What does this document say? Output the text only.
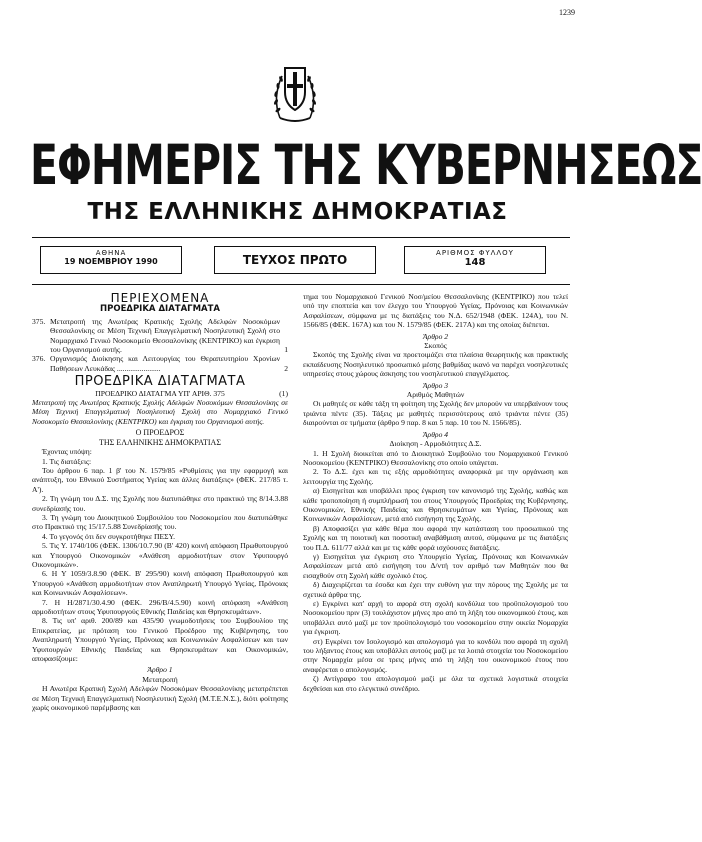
1239
ΕΦΗΜΕΡΙΣ ΤΗΣ ΚΥΒΕΡΝΗΣΕΩΣ
ΤΗΣ ΕΛΛΗΝΙΚΗΣ ΔΗΜΟΚΡΑΤΙΑΣ
ΑΘΗΝΑ
19 ΝΟΕΜΒΡΙΟΥ 1990	ΤΕΥΧΟΣ ΠΡΩΤΟ	ΑΡΙΘΜΟΣ ΦΥΛΛΟΥ
148
ΠΕΡΙΕΧΟΜΕΝΑ
ΠΡΟΕΔΡΙΚΑ ΔΙΑΤΑΓΜΑΤΑ
375. Μετατροπή της Ανωτέρας Κρατικής Σχολής Αδελφών Νοσοκόμων Θεσσαλονίκης σε Μέση Τεχνική Επαγγελματική Νοσηλευτική Σχολή στο Νομαρχιακό Γενικό Νοσοκομείο Θεσσαλονίκης (ΚΕΝΤΡΙΚΟ) και έγκριση του Οργανισμού αυτής.	1
376. Οργανισμός Διοίκησης και Λειτουργίας του Θεραπευτηρίου Χρονίων Παθήσεων Λευκάδας .......................	2
ΠΡΟΕΔΡΙΚΑ ΔΙΑΤΑΓΜΑΤΑ
ΠΡΟΕΔΡΙΚΟ ΔΙΑΤΑΓΜΑ ΥΠ' ΑΡΙΘ. 375	(1)
Μετατροπή της Ανωτέρας Κρατικής Σχολής Αδελφών Νοσοκόμων Θεσσαλονίκης σε Μέση Τεχνική Επαγγελματική Νοσηλευτική Σχολή στο Νομαρχιακό Γενικό Νοσοκομείο Θεσσαλονίκης (ΚΕΝΤΡΙΚΟ) και έγκριση του Οργανισμού αυτής.
Ο ΠΡΟΕΔΡΟΣ
ΤΗΣ ΕΛΛΗΝΙΚΗΣ ΔΗΜΟΚΡΑΤΙΑΣ
Έχοντας υπόψη:
1. Τις διατάξεις:
Του άρθρου 6 παρ. 1 β' του Ν. 1579/85 «Ρυθμίσεις για την εφαρμογή και ανάπτυξη, του Εθνικού Συστήματος Υγείας και άλλες διατάξεις» (ΦΕΚ. 217/85 τ. Α').
2. Τη γνώμη του Δ.Σ. της Σχολής που διατυπώθηκε στο πρακτικό της 8/14.3.88 συνεδρίασής του.
3. Τη γνώμη του Διοικητικού Συμβουλίου του Νοσοκομείου που διατυπώθηκε στο Πρακτικό της 15/17.5.88 Συνεδρίασής του.
4. Το γεγονός ότι δεν συγκροτήθηκε ΠΕΣΥ.
5. Τις Υ. 1740/106 (ΦΕΚ. 1306/10.7.90 (Β' 420) κοινή απόφαση Πρωθυπουργού και Υπουργού Οικονομικών «Ανάθεση αρμοδιοτήτων στον Υφυπουργό Οικονομικών».
6. Η Υ 1059/3.8.90 (ΦΕΚ. Β' 295/90) κοινή απόφαση Πρωθυπουργού και Υπουργού «Ανάθεση αρμοδιοτήτων στον Αναπληρωτή Υπουργό Υγείας, Πρόνοιας και Κοινωνικών Ασφαλίσεων».
7. Η Η/2871/30.4.90 (ΦΕΚ. 296/Β/4.5.90) κοινή απόφαση «Ανάθεση αρμοδιοτήτων στους Υφυπουργούς Εθνικής Παιδείας και Θρησκευμάτων».
8. Τις υπ' αριθ. 200/89 και 435/90 γνωμοδοτήσεις του Συμβουλίου της Επικρατείας, με πρόταση του Γενικού Προέδρου της Κυβέρνησης, του Αναπληρωτή Υπουργού Υγείας, Πρόνοιας και Κοινωνικών Ασφαλίσεων και των Υφυπουργών Εθνικής Παιδείας και Θρησκευμάτων και Οικονομικών, αποφασίζουμε:
Άρθρο 1
Μετατροπή
Η Ανωτέρα Κρατική Σχολή Αδελφών Νοσοκόμων Θεσσαλονίκης μετατρέπεται σε Μέση Τεχνική Επαγγελματική Νοσηλευτική Σχολή (Μ.Τ.Ε.Ν.Σ.), διότι φοίτησης χωρίς οικονομικού παρέμβασης και
τημα του Νομαρχιακού Γενικού Νοσ/μείου Θεσσαλονίκης (ΚΕΝΤΡΙΚΟ) που τελεί υπό την εποπτεία και τον έλεγχο του Υπουργού Υγείας, Πρόνοιας και Κοινωνικών Ασφαλίσεων, σύμφωνα με τις διατάξεις του Ν.Δ. 652/1948 (ΦΕΚ. 124Α), του Ν. 1566/85 (ΦΕΚ. 167Α) και του Ν. 1579/85 (ΦΕΚ. 217Α) και της οποίας διέπεται.
Άρθρο 2
Σκοπός
Σκοπός της Σχολής είναι να προετοιμάζει στα πλαίσια θεωρητικής και πρακτικής εκπαίδευσης Νοσηλευτικό προσωπικό μέσης βαθμίδας ικανό να παρέχει νοσηλευτικές υπηρεσίες στους χώρους άσκησης του νοσηλευτικού επαγγέλματος.
Άρθρο 3
Αριθμός Μαθητών
Οι μαθητές σε κάθε τάξη τη φοίτηση της Σχολής δεν μπορούν να υπερβαίνουν τους τριάντα πέντε (35). Τάξεις με μαθητές περισσότερους από τριάντα πέντε (35) διαιρούνται σε τμήματα (άρθρο 9 παρ. 8 και 5 παρ. 10 του Ν. 1566/85).
Άρθρο 4
Διοίκηση - Αρμοδιότητες Δ.Σ.
1. Η Σχολή διοικείται από το Διοικητικό Συμβούλιο του Νομαρχιακού Γενικού Νοσοκομείου (ΚΕΝΤΡΙΚΟ) Θεσσαλονίκης στο οποίο υπάγεται.
2. Το Δ.Σ. έχει και τις εξής αρμοδιότητες αναφορικά με την οργάνωση και λειτουργία της Σχολής.
α) Εισηγείται και υποβάλλει προς έγκριση τον κανονισμό της Σχολής, καθώς και κάθε τροποποίηση ή συμπλήρωσή του στους Υπουργούς Προεδρίας της Κυβέρνησης, Οικονομικών, Εθνικής Παιδείας και Θρησκευμάτων και Υγείας, Πρόνοιας και Κοινωνικών Ασφαλίσεων, μετά από εισήγηση της Σχολής.
β) Αποφασίζει για κάθε θέμα που αφορά την κατάσταση του προσωπικού της Σχολής και τη ποιοτική και ποσοτική αναβάθμιση αυτού, σύμφωνα με τις διατάξεις του Π.Δ. 611/77 αλλά και με τις κάθε φορά ισχύουσες διατάξεις.
γ) Εισηγείται για έγκριση στο Υπουργείο Υγείας, Πρόνοιας και Κοινωνικών Ασφαλίσεων μετά από εισήγηση του Δ/ντή τον αριθμό των Μαθητών που θα εισαχθούν στη Σχολή κάθε σχολικό έτος.
δ) Διαχειρίζεται τα έσοδα και έχει την ευθύνη για την πόρους της Σχολής με τα σχετικά άρθρα της.
ε) Εγκρίνει κατ' αρχή το αφορά στη σχολή κονδύλια του προϋπολογισμού του Νοσοκομείου πριν (3) τουλάχιστον μήνες προ από τη λήξη του οικονομικού έτους, και υποβάλλει αυτό μαζί με τον προϋπολογισμό του νοσοκομείου στην οικεία Νομαρχία για έγκριση.
στ) Εγκρίνει τον Ισολογισμό και απολογισμό για το κονδύλι που αφορά τη σχολή του λήξαντος έτους και υποβάλλει αυτούς μαζί με τα λοιπά στοιχεία του Νοσοκομείου στην Νομαρχία μέσα σε τρεις μήνες από τη λήξη του οικονομικού έτους που αναφέρεται ο απολογισμός.
ζ) Αντίγραφο του απολογισμού μαζί με όλα τα σχετικά λογιστικά στοιχεία δεχθείσαι και στο ελεγκτικό συνέδριο.
